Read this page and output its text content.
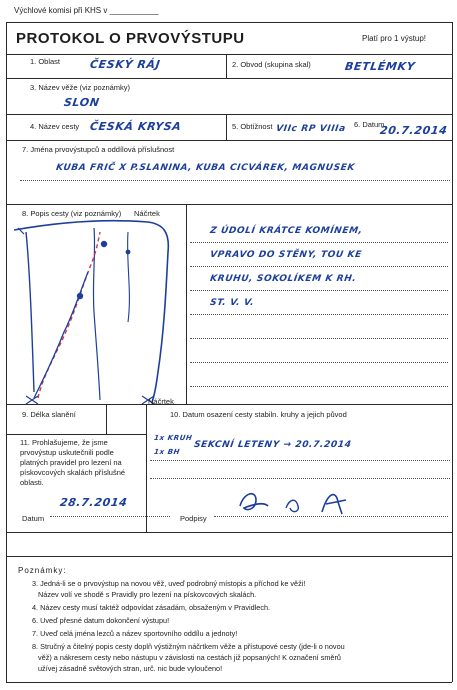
Výchlové komisi při KHS v ___________
PROTOKOL O PRVOVÝSTUPU	Platí pro 1 výstup!
1. Oblast	ČESKÝ RÁJ	2. Obvod (skupina skal)	BETLÉMKY
3. Název věže (viz poznámky)
SLON
4. Název cesty ČESKÁ KRYSA	5. Obtížnost VIIc RP VIIIa 6. Datum
20.7.2014
7. Jména prvovýstupců a oddílová příslušnost
KUBA FRIČ X P.SLANINA, KUBA CICVÁREK, MAGNUSEK
8. Popis cesty (viz poznámky) Náčrtek
Z ÚDOLÍ KRÁTCE KOMÍNEM,
VPRAVO DO STĚNY, TOU KE
KRUHU, SOKOLÍKEM K RH.
ST. V. V.
Náčrtek
9. Délka slanění	10. Datum osazení cesty stabiln. kruhy a jejich původ
1x KRUH
1x BH
SEKCNÍ LETENY → 20.7.2014
11. Prohlašujeme, že jsme prvovýstup uskutečnili podle platných pravidel pro lezení na pískovcových skalách příslušné oblasti.
Datum
28.7.2014
Podpisy
Poznámky:
3. Jedná-li se o prvovýstup na novou věž, uveď podrobný místopis a příchod ke věži!
Název volí ve shodě s Pravidly pro lezení na pískovcových skalách.
4. Název cesty musí taktéž odpovídat zásadám, obsaženým v Pravidlech.
6. Uveď přesné datum dokončení výstupu!
7. Uveď celá jména lezců a název sportovního oddílu a jednoty!
8. Stručný a čitelný popis cesty doplň výstižným náčrtkem věže a přístupové cesty (jde-li o novou
věž) a nákresem cesty nebo nástupu v závislosti na cestách již popsaných! K označení směrů
užívej zásadně světových stran, urč. nic bude vyloučeno!
